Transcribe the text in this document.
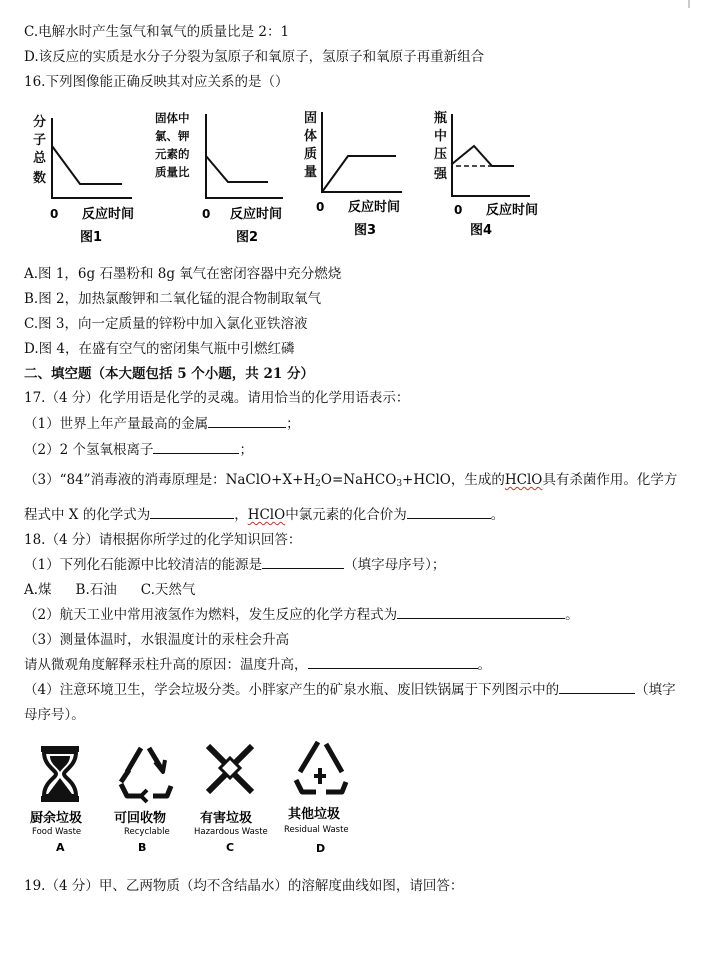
C.电解水时产生氢气和氧气的质量比是 2：1
D.该反应的实质是水分子分裂为氢原子和氧原子，氢原子和氧原子再重新组合
16.下列图像能正确反映其对应关系的是（）
分
子
总
数
0 反应时间
图1
固体中
氯、钾
元素的
质量比
0 反应时间
图2
固
体
质
量
0 反应时间
图3
瓶
中
压
强
0 反应时间
图4
A.图 1，6g 石墨粉和 8g 氧气在密闭容器中充分燃烧
B.图 2，加热氯酸钾和二氧化锰的混合物制取氧气
C.图 3，向一定质量的锌粉中加入氯化亚铁溶液
D.图 4，在盛有空气的密闭集气瓶中引燃红磷
二、填空题（本大题包括 5 个小题，共 21 分）
17.（4 分）化学用语是化学的灵魂。请用恰当的化学用语表示：
（1）世界上年产量最高的金属	；
（2）2 个氢氧根离子	；
（3）“84”消毒液的消毒原理是：$NaClO+X+H_2O=NaHCO_3+HClO$，生成的HClO具有杀菌作用。化学方
程式中 X 的化学式为	，HClO中氯元素的化合价为	。
18.（4 分）请根据你所学过的化学知识回答：
（1）下列化石能源中比较清洁的能源是	（填字母序号）；
A.煤 B.石油 C.天然气
（2）航天工业中常用液氢作为燃料，发生反应的化学方程式为	。
（3）测量体温时，水银温度计的汞柱会升高
请从微观角度解释汞柱升高的原因：温度升高，	。
（4）注意环境卫生，学会垃圾分类。小胖家产生的矿泉水瓶、废旧铁锅属于下列图示中的	（填字
母序号）。
厨余垃圾
Food Waste
A
可回收物
Recyclable
B
有害垃圾
Hazardous Waste
C
其他垃圾
Residual Waste
D
19.（4 分）甲、乙两物质（均不含结晶水）的溶解度曲线如图，请回答：
